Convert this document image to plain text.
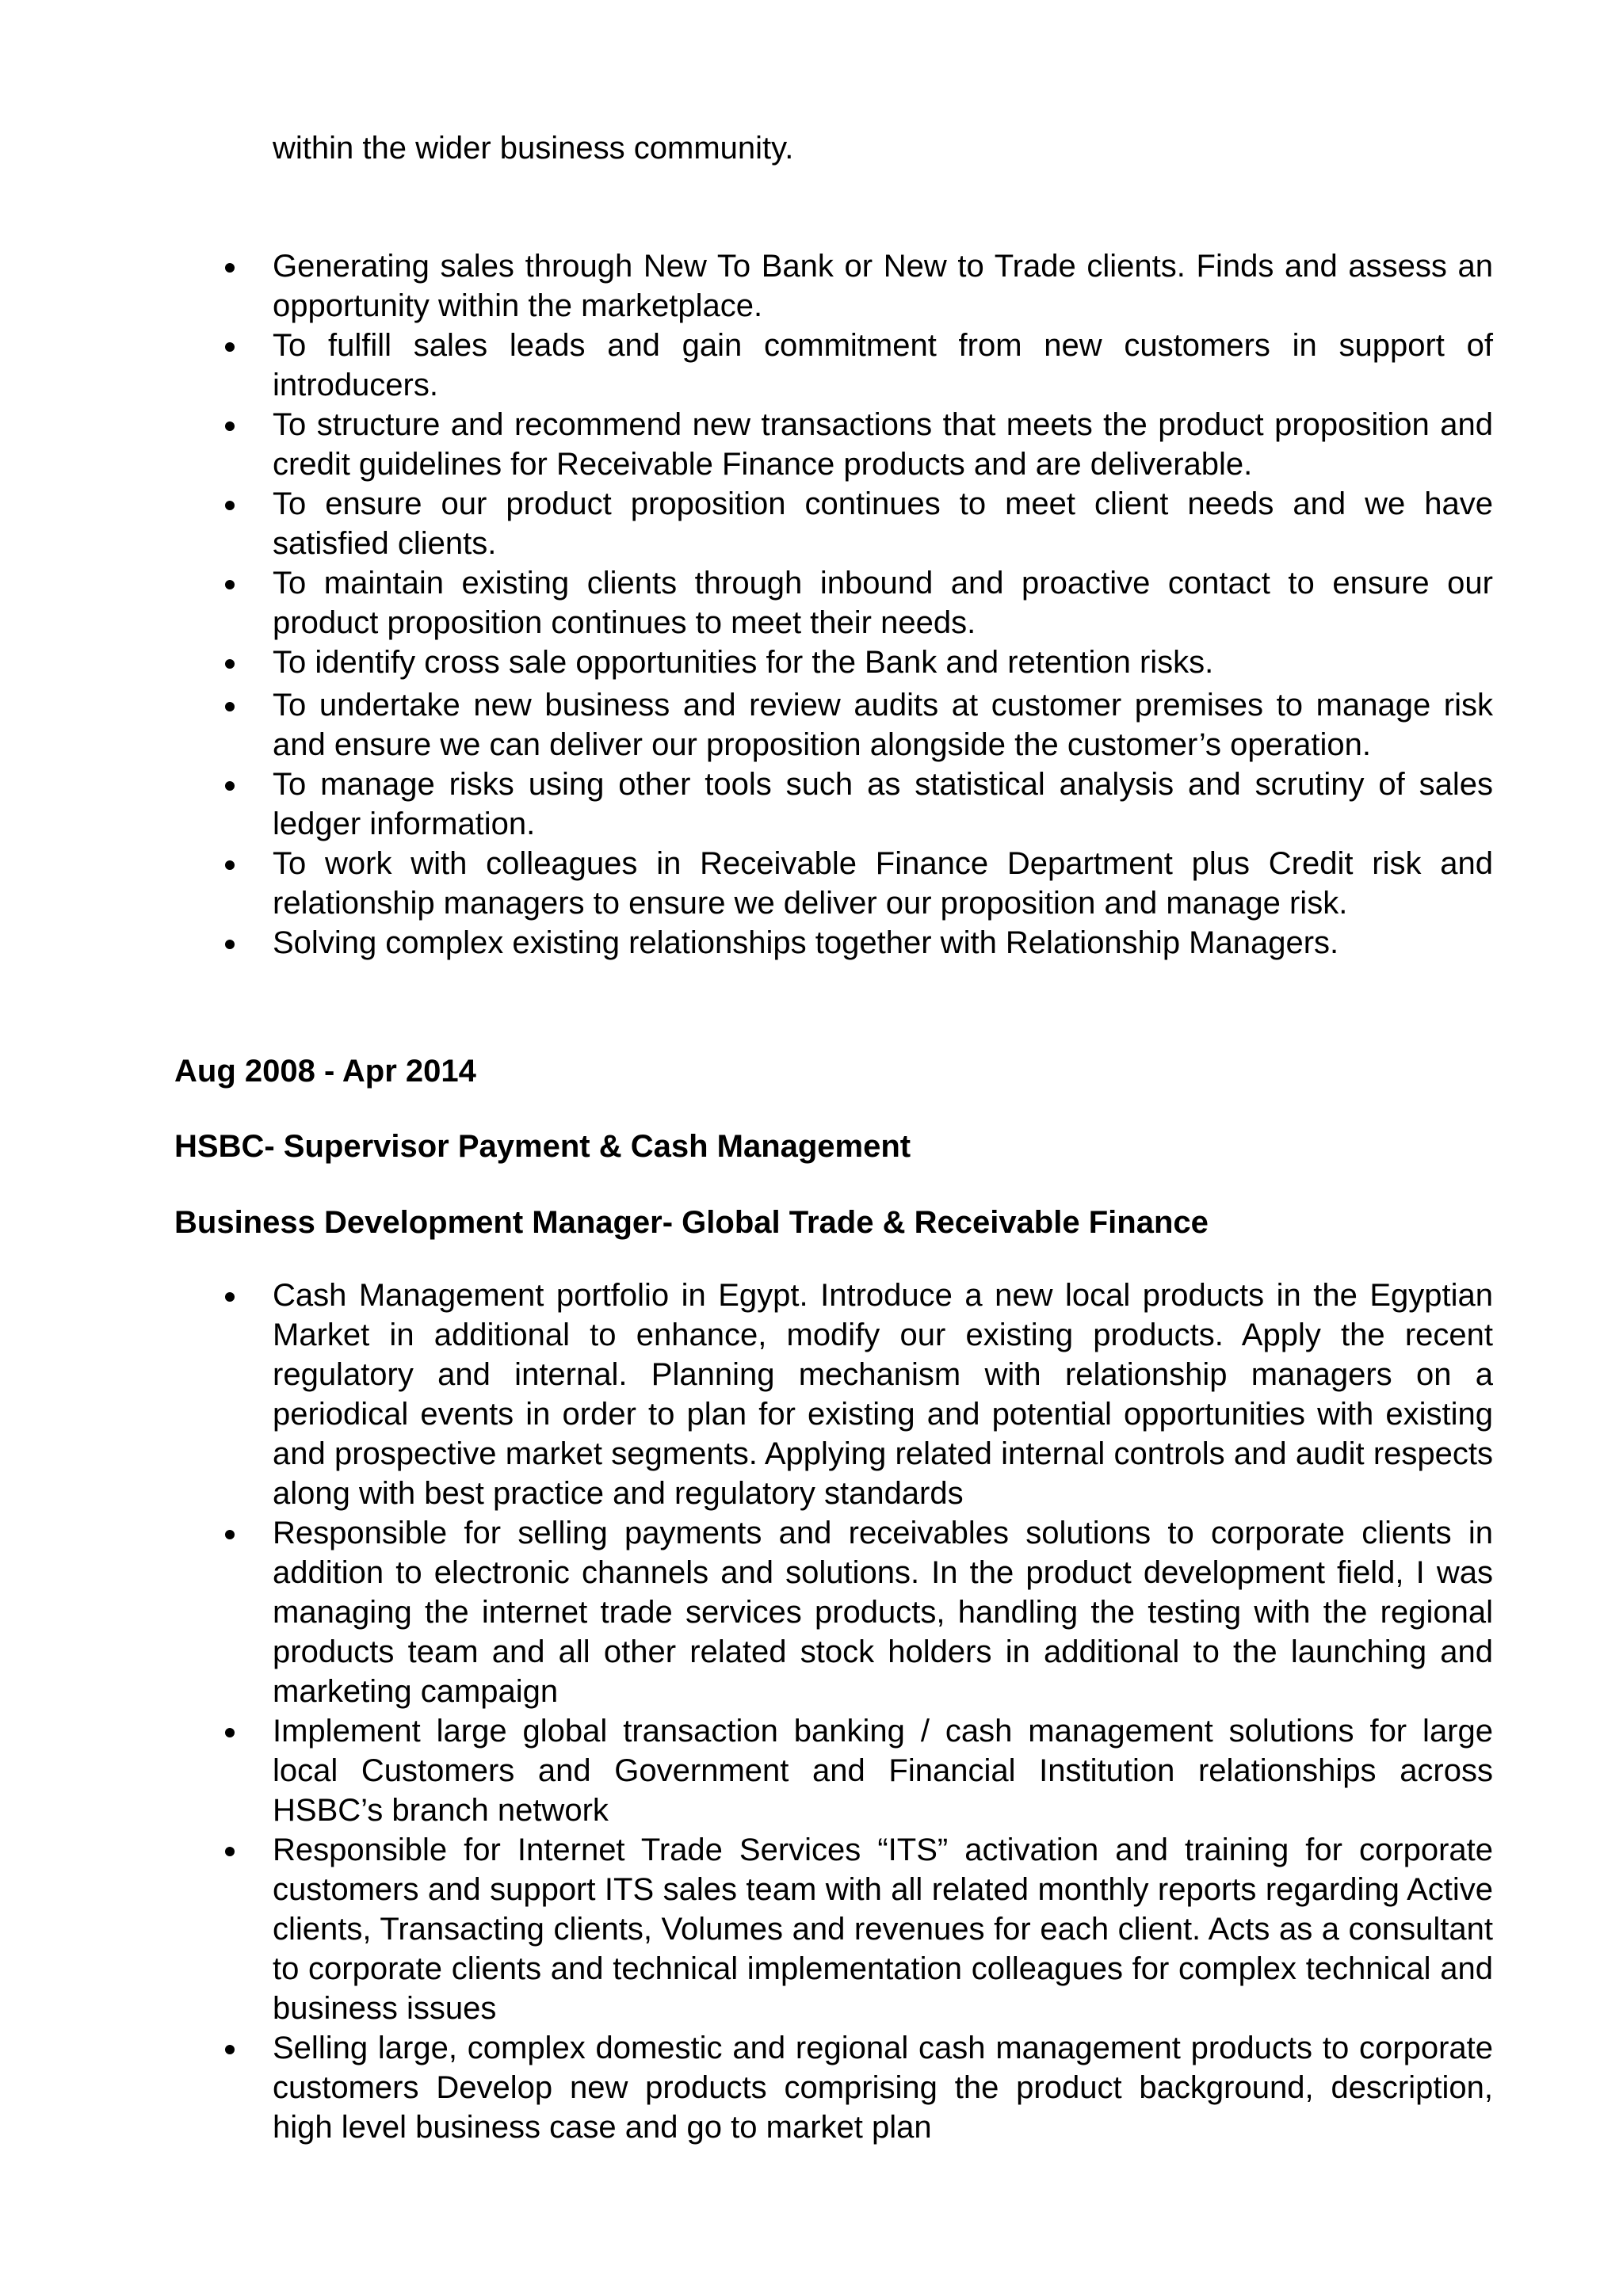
within the wider business community.

Generating sales through New To Bank or New to Trade clients. Finds and assess an opportunity within the marketplace.
To fulfill sales leads and gain commitment from new customers in support of introducers.
To structure and recommend new transactions that meets the product proposition and credit guidelines for Receivable Finance products and are deliverable.
To ensure our product proposition continues to meet client needs and we have satisfied clients.
To maintain existing clients through inbound and proactive contact to ensure our product proposition continues to meet their needs.
To identify cross sale opportunities for the Bank and retention risks.
To undertake new business and review audits at customer premises to manage risk and ensure we can deliver our proposition alongside the customer’s operation.
To manage risks using other tools such as statistical analysis and scrutiny of sales ledger information.
To work with colleagues in Receivable Finance Department plus Credit risk and relationship managers to ensure we deliver our proposition and manage risk.
Solving complex existing relationships together with Relationship Managers.

Aug 2008 - Apr 2014

HSBC- Supervisor Payment & Cash Management

Business Development Manager- Global Trade & Receivable Finance

Cash Management portfolio in Egypt. Introduce a new local products in the Egyptian Market in additional to enhance, modify our existing products. Apply the recent regulatory and internal. Planning mechanism with relationship managers on a periodical events in order to plan for existing and potential opportunities with existing and prospective market segments. Applying related internal controls and audit respects along with best practice and regulatory standards
Responsible for selling payments and receivables solutions to corporate clients in addition to electronic channels and solutions. In the product development field, I was managing the internet trade services products, handling the testing with the regional products team and all other related stock holders in additional to the launching and marketing campaign
Implement large global transaction banking / cash management solutions for large local Customers and Government and Financial Institution relationships across HSBC’s branch network
Responsible for Internet Trade Services “ITS” activation and training for corporate customers and support ITS sales team with all related monthly reports regarding Active clients, Transacting clients, Volumes and revenues for each client. Acts as a consultant to corporate clients and technical implementation colleagues for complex technical and business issues
Selling large, complex domestic and regional cash management products to corporate customers Develop new products comprising the product background, description, high level business case and go to market plan
